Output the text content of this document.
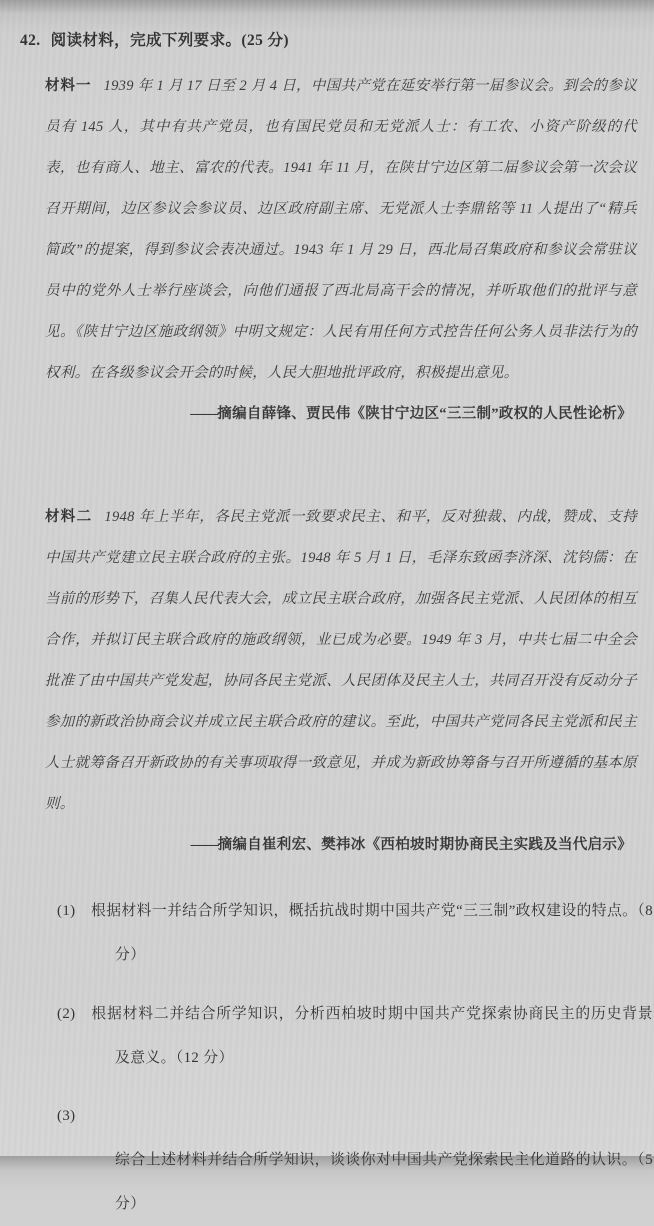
42. 阅读材料，完成下列要求。(25 分)

材料一 1939 年 1 月 17 日至 2 月 4 日，中国共产党在延安举行第一届参议会。到会的参议员有 145 人，其中有共产党员，也有国民党员和无党派人士：有工农、小资产阶级的代表，也有商人、地主、富农的代表。1941 年 11 月，在陕甘宁边区第二届参议会第一次会议召开期间，边区参议会参议员、边区政府副主席、无党派人士李鼎铭等 11 人提出了“精兵简政”的提案，得到参议会表决通过。1943 年 1 月 29 日，西北局召集政府和参议会常驻议员中的党外人士举行座谈会，向他们通报了西北局高干会的情况，并听取他们的批评与意见。《陕甘宁边区施政纲领》中明文规定：人民有用任何方式控告任何公务人员非法行为的权利。在各级参议会开会的时候，人民大胆地批评政府，积极提出意见。

——摘编自薛锋、贾民伟《陕甘宁边区“三三制”政权的人民性论析》

材料二 1948 年上半年，各民主党派一致要求民主、和平，反对独裁、内战，赞成、支持中国共产党建立民主联合政府的主张。1948 年 5 月 1 日，毛泽东致函李济深、沈钧儒：在当前的形势下，召集人民代表大会，成立民主联合政府，加强各民主党派、人民团体的相互合作，并拟订民主联合政府的施政纲领，业已成为必要。1949 年 3 月，中共七届二中全会批准了由中国共产党发起，协同各民主党派、人民团体及民主人士，共同召开没有反动分子参加的新政治协商会议并成立民主联合政府的建议。至此，中国共产党同各民主党派和民主人士就筹备召开新政协的有关事项取得一致意见，并成为新政协筹备与召开所遵循的基本原则。

——摘编自崔利宏、樊祎冰《西柏坡时期协商民主实践及当代启示》

(1) 根据材料一并结合所学知识，概括抗战时期中国共产党“三三制”政权建设的特点。（8 分）

(2) 根据材料二并结合所学知识，分析西柏坡时期中国共产党探索协商民主的历史背景及意义。（12 分）

(3)综合上述材料并结合所学知识，谈谈你对中国共产党探索民主化道路的认识。（5 分）
